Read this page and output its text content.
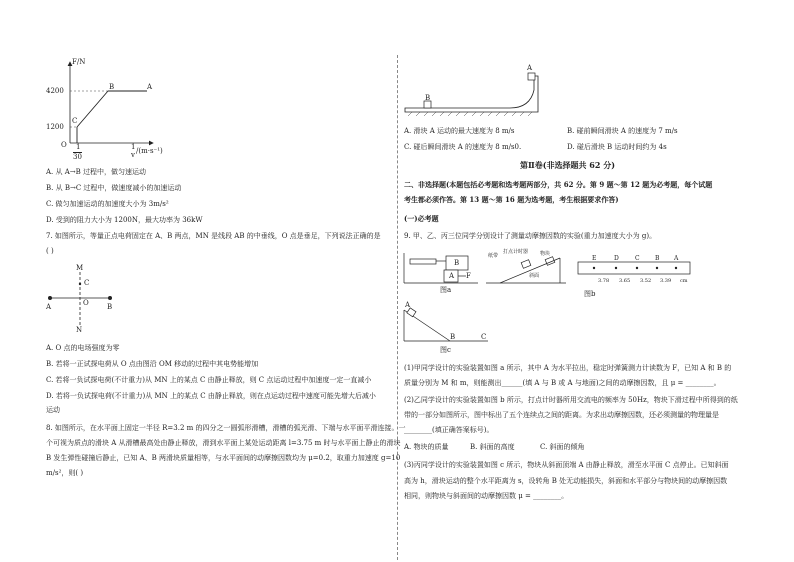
F/N
4200
1200
O
B	A
C
1
30
1
v /(m·s⁻¹)
A. 从 A→B 过程中，做匀速运动
B. 从 B→C 过程中，做速度减小的加速运动
C. 做匀加速运动的加速度大小为 3m/s²
D. 受到的阻力大小为 1200N，最大功率为 36kW
7. 如图所示，等量正点电荷固定在 A、B 两点，MN 是线段 AB 的中垂线，O 点是垂足，下列说法正确的是
( )
M
C
O
A	B
N
A. O 点的电场强度为零
B. 若将一正试探电荷从 O 点由图沿 OM 移动的过程中其电势能增加
C. 若将一负试探电荷(不计重力)从 MN 上的某点 C 由静止释放，则 C 点运动过程中加速度一定一直减小
D. 若将一负试探电荷(不计重力)从 MN 上的某点 C 由静止释放，则在点运动过程中速度可能先增大后减小
运动
8. 如图所示，在水平面上固定一半径 R=3.2 m 的四分之一圆弧形滑槽，滑槽的弧光滑、下端与水平面平滑连接。一
个可视为质点的滑块 A 从滑槽最高处由静止释放，滑到水平面上某处运动距离 l=3.75 m 时与水平面上静止的滑块
B 发生弹性碰撞后静止，已知 A、B 两滑块质量相等，与水平面间的动摩擦因数均为 μ=0.2，取重力加速度 g=10
m/s²，则( )
B
A
A. 滑块 A 运动的最大速度为 8 m/s	B. 碰前瞬间滑块 A 的速度为 7 m/s
C. 碰后瞬间滑块 A 的速度为 8 m/s0.	D. 碰后滑块 B 运动时间约为 4s
第Ⅱ卷(非选择题共 62 分)
二、非选择题(本题包括必考题和选考题两部分，共 62 分。第 9 题～第 12 题为必考题，每个试题
考生都必须作答。第 13 题～第 16 题为选考题，考生根据要求作答)
(一)必考题
9. 甲、乙、丙三位同学分别设计了测量动摩擦因数的实验(重力加速度大小为 g)。
B
A F
图a
纸带
打点计时器 物块
斜面
E	D	C	B A
3.78 3.65 3.52 3.39 cm
图b
A
B	C
图c
(1)甲同学设计的实验装置如图 a 所示，其中 A 为水平拉出，稳定时弹簧测力计读数为 F，已知 A 和 B 的
质量分别为 M 和 m，则能测出______(填 A 与 B 或 A 与地面)之间的动摩擦因数，且 μ = ________。
(2)乙同学设计的实验装置如图 b 所示，打点计时器所用交流电的频率为 50Hz，物块下滑过程中所得到的纸
带的一部分如图所示，图中标出了五个连续点之间的距离。为求出动摩擦因数，还必须测量的物理量是
________(填正确答案标号)。
A. 物块的质量	B. 斜面的高度	C. 斜面的倾角
(3)丙同学设计的实验装置如图 c 所示，物块从斜面顶端 A 由静止释放，滑至水平面 C 点停止。已知斜面
高为 h，滑块运动的整个水平距离为 s，设转角 B 处无动能损失，斜面和水平部分与物块间的动摩擦因数
相同，则物块与斜面间的动摩擦因数 μ = ________。
